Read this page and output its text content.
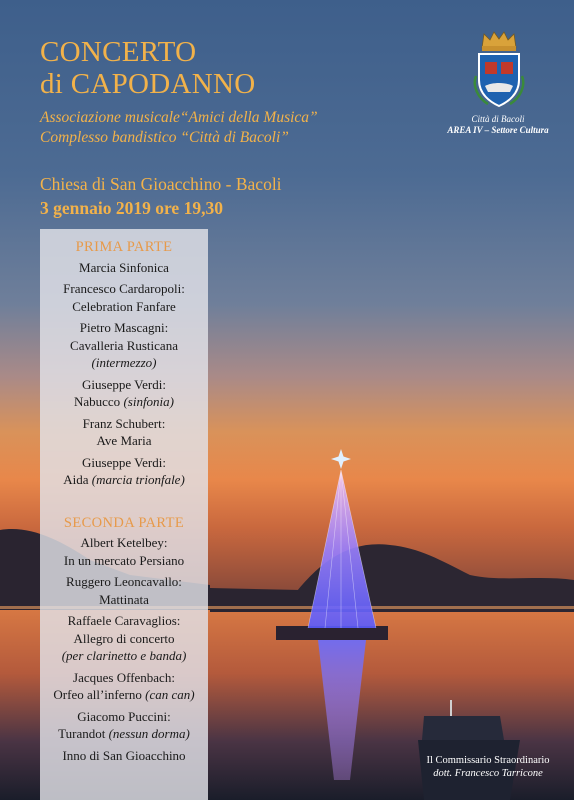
CONCERTO
di CAPODANNO
Associazione musicale“Amici della Musica”
Complesso bandistico “Città di Bacoli”
Chiesa di San Gioacchino - Bacoli
3 gennaio 2019 ore 19,30
Città di Bacoli
AREA IV – Settore Cultura
PRIMA PARTE
Marcia Sinfonica
Francesco Cardaropoli:
Celebration Fanfare
Pietro Mascagni:
Cavalleria Rusticana
(intermezzo)
Giuseppe Verdi:
Nabucco (sinfonia)
Franz Schubert:
Ave Maria
Giuseppe Verdi:
Aida (marcia trionfale)
SECONDA PARTE
Albert Ketelbey:
In un mercato Persiano
Ruggero Leoncavallo:
Mattinata
Raffaele Caravaglios:
Allegro di concerto
(per clarinetto e banda)
Jacques Offenbach:
Orfeo all’inferno (can can)
Giacomo Puccini:
Turandot (nessun dorma)
Inno di San Gioacchino	Il Commissario Straordinario
dott. Francesco Tarricone
